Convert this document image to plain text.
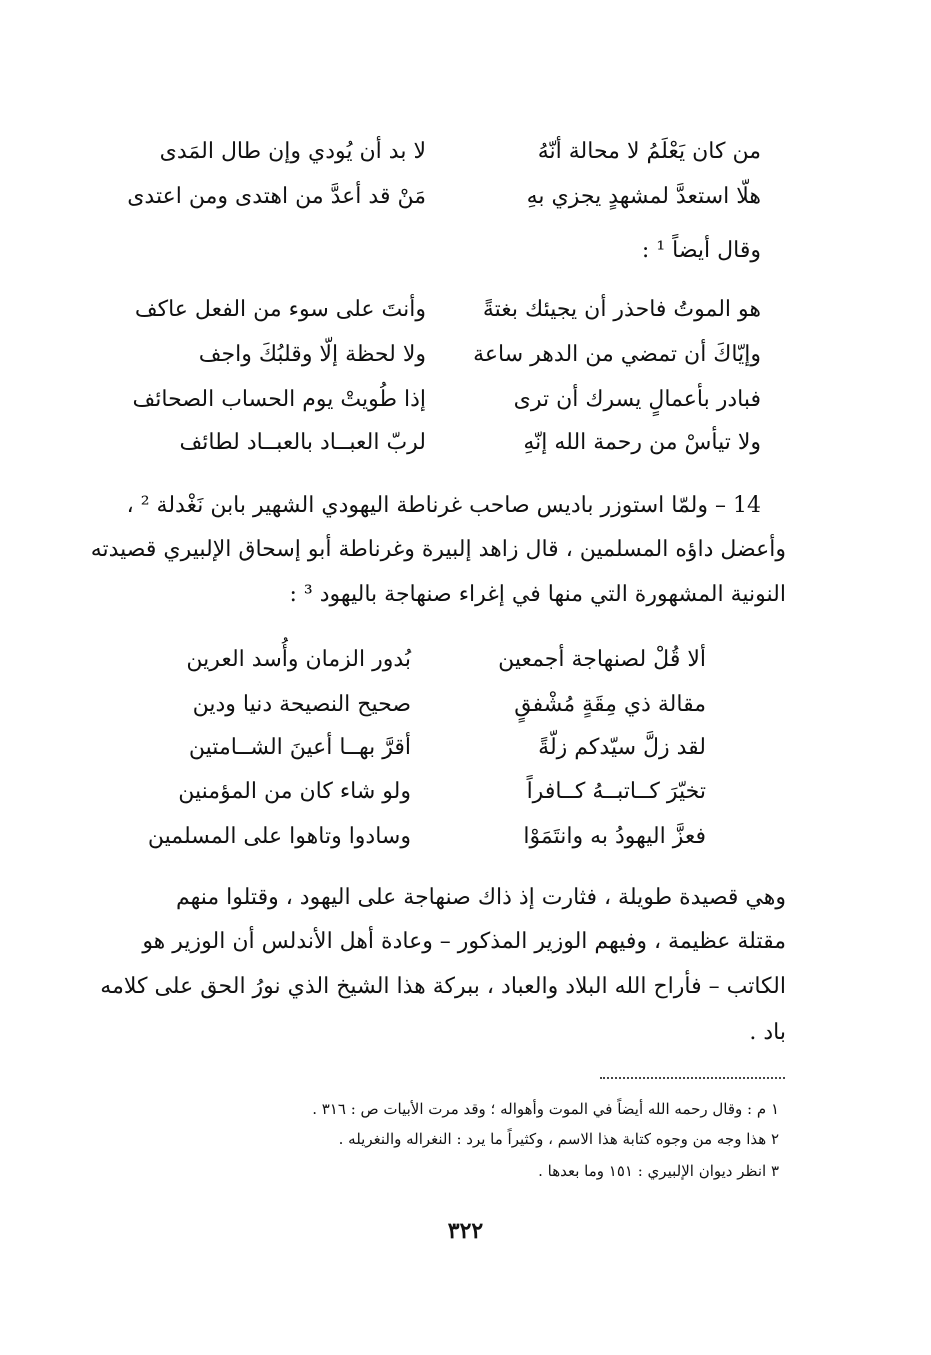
من كان يَعْلَمُ لا محالة أنّهُ
لا بد أن يُودي وإن طال المَدى
هلّا استعدَّ لمشهدٍ يجزي بهِ
مَنْ قد أعدَّ من اهتدى ومن اعتدى
وقال أيضاً ¹ :
هو الموتُ فاحذر أن يجيئك بغتةً
وأنتَ على سوء من الفعل عاكف
وإيّاكَ أن تمضي من الدهر ساعة
ولا لحظة إلّا وقلبُكَ واجف
فبادر بأعمالٍ يسرك أن ترى
إذا طُويتْ يوم الحساب الصحائف
ولا تيأسْ من رحمة الله إنّهِ
لربّ العبــاد بالعبــاد لطائف
14 – ولمّا استوزر باديس صاحب غرناطة اليهودي الشهير بابن نَغْدلة ² ،
وأعضل داؤه المسلمين ، قال زاهد إلبيرة وغرناطة أبو إسحاق الإلبيري قصيدته
النونية المشهورة التي منها في إغراء صنهاجة باليهود ³ :
ألا قُلْ لصنهاجة أجمعين
بُدور الزمان وأُسد العرين
مقالة ذي مِقَةٍ مُشْفقٍ
صحيح النصيحة دنيا ودين
لقد زلَّ سيّدكم زلّةً
أقرَّ بهــا أعينَ الشــامتين
تخيّرَ كــاتبــهُ كــافراً
ولو شاء كان من المؤمنين
فعزَّ اليهودُ به وانتَمَوْا
وسادوا وتاهوا على المسلمين
وهي قصيدة طويلة ، فثارت إذ ذاك صنهاجة على اليهود ، وقتلوا منهم
مقتلة عظيمة ، وفيهم الوزير المذكور – وعادة أهل الأندلس أن الوزير هو
الكاتب – فأراح الله البلاد والعباد ، ببركة هذا الشيخ الذي نورُ الحق على كلامه
باد .
١ م : وقال رحمه الله أيضاً في الموت وأهواله ؛ وقد مرت الأبيات ص : ٣١٦ .
٢ هذا وجه من وجوه كتابة هذا الاسم ، وكثيراً ما يرد : النغراله والنغريله .
٣ انظر ديوان الإلبيري : ١٥١ وما بعدها .
٣٢٢
